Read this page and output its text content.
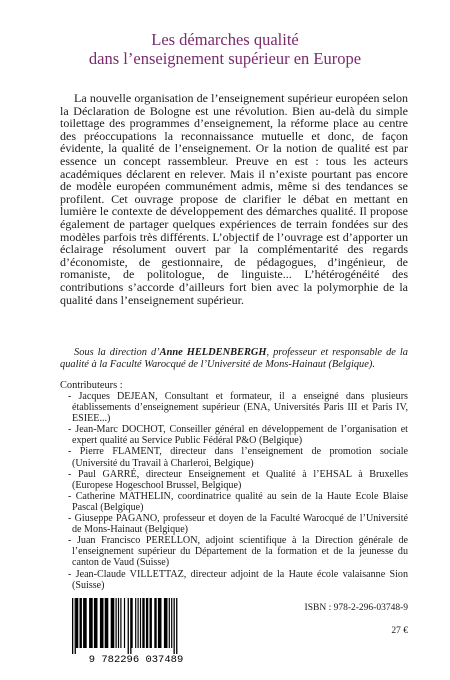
Les démarches qualité
dans l’enseignement supérieur en Europe

La nouvelle organisation de l’enseignement supérieur européen selon la Déclaration de Bologne est une révolution. Bien au-delà du simple toilettage des programmes d’enseignement, la réforme place au centre des préoccupations la reconnaissance mutuelle et donc, de façon évidente, la qualité de l’enseignement. Or la notion de qualité est par essence un concept rassembleur. Preuve en est : tous les acteurs académiques déclarent en relever. Mais il n’existe pourtant pas encore de modèle européen communément admis, même si des tendances se profilent. Cet ouvrage propose de clarifier le débat en mettant en lumière le contexte de développement des démarches qualité. Il propose également de partager quelques expériences de terrain fondées sur des modèles parfois très différents. L’objectif de l’ouvrage est d’apporter un éclairage résolument ouvert par la complémentarité des regards d’économiste, de gestionnaire, de pédagogues, d’ingénieur, de romaniste, de politologue, de linguiste... L’hétérogénéité des contributions s’accorde d’ailleurs fort bien avec la polymorphie de la qualité dans l’enseignement supérieur.

Sous la direction d’Anne HELDENBERGH, professeur et responsable de la qualité à la Faculté Warocqué de l’Université de Mons-Hainaut (Belgique).

Contributeurs :
- Jacques DEJEAN, Consultant et formateur, il a enseigné dans plusieurs établissements d’enseignement supérieur (ENA, Universités Paris III et Paris IV, ESIEE...)
- Jean-Marc DOCHOT, Conseiller général en développement de l’organisation et expert qualité au Service Public Fédéral P&O (Belgique)
- Pierre FLAMENT, directeur dans l’enseignement de promotion sociale (Université du Travail à Charleroi, Belgique)
- Paul GARRÉ, directeur Enseignement et Qualité à l’EHSAL à Bruxelles (Europese Hogeschool Brussel, Belgique)
- Catherine MATHELIN, coordinatrice qualité au sein de la Haute Ecole Blaise Pascal (Belgique)
- Giuseppe PAGANO, professeur et doyen de la Faculté Warocqué de l’Université de Mons-Hainaut (Belgique)
- Juan Francisco PERELLON, adjoint scientifique à la Direction générale de l’enseignement supérieur du Département de la formation et de la jeunesse du canton de Vaud (Suisse)
- Jean-Claude VILLETTAZ, directeur adjoint de la Haute école valaisanne Sion (Suisse)
9 782296 037489
ISBN : 978-2-296-03748-9
27 €
